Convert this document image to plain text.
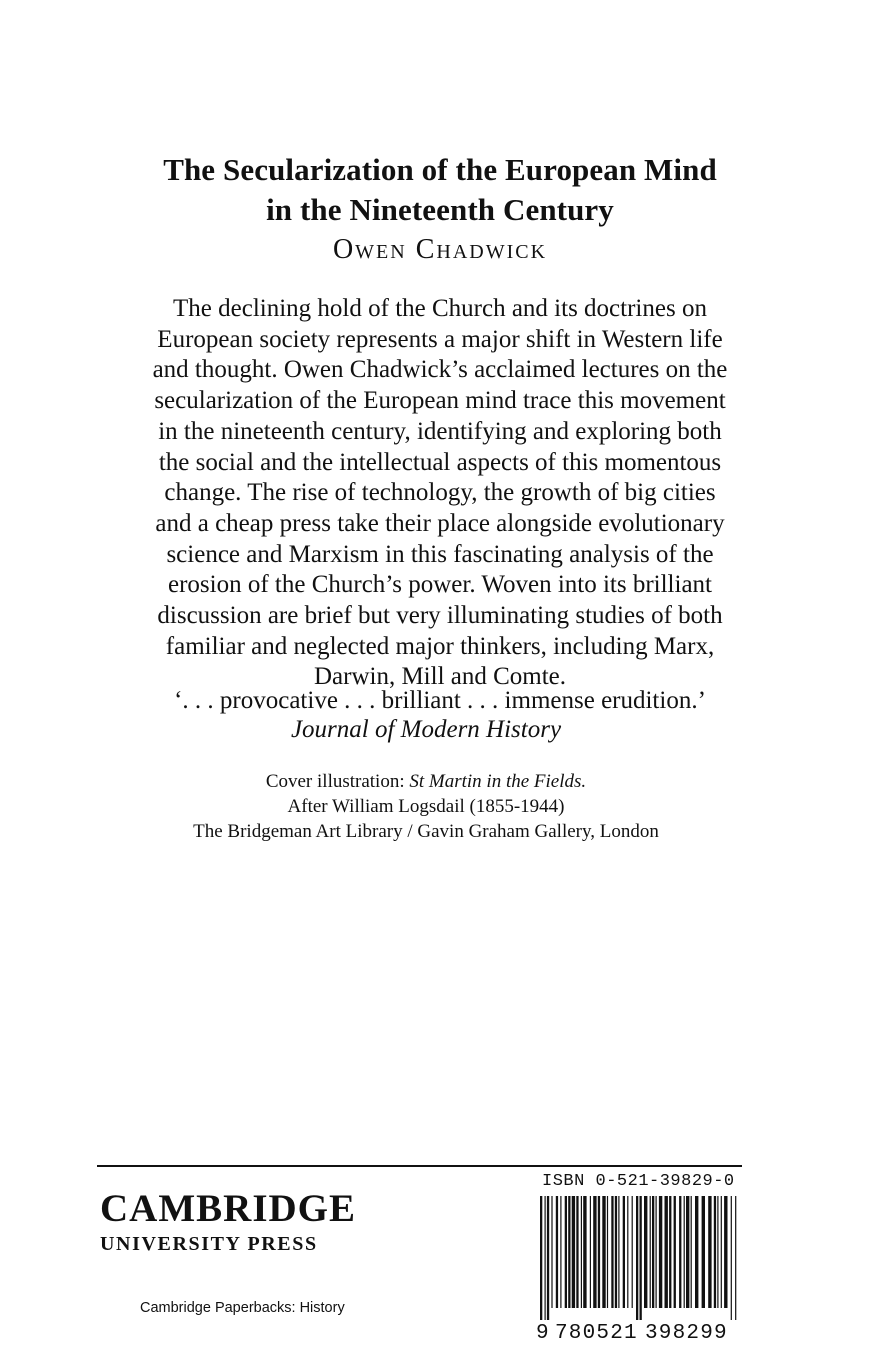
The Secularization of the European Mind
in the Nineteenth Century
Owen Chadwick
The declining hold of the Church and its doctrines on
European society represents a major shift in Western life
and thought. Owen Chadwick’s acclaimed lectures on the
secularization of the European mind trace this movement
in the nineteenth century, identifying and exploring both
the social and the intellectual aspects of this momentous
change. The rise of technology, the growth of big cities
and a cheap press take their place alongside evolutionary
science and Marxism in this fascinating analysis of the
erosion of the Church’s power. Woven into its brilliant
discussion are brief but very illuminating studies of both
familiar and neglected major thinkers, including Marx,
Darwin, Mill and Comte.
‘. . . provocative . . . brilliant . . . immense erudition.’
Journal of Modern History
Cover illustration: St Martin in the Fields.
After William Logsdail (1855-1944)
The Bridgeman Art Library / Gavin Graham Gallery, London
CAMBRIDGE
UNIVERSITY PRESS
Cambridge Paperbacks: History
ISBN 0-521-39829-0
9 780521 398299
